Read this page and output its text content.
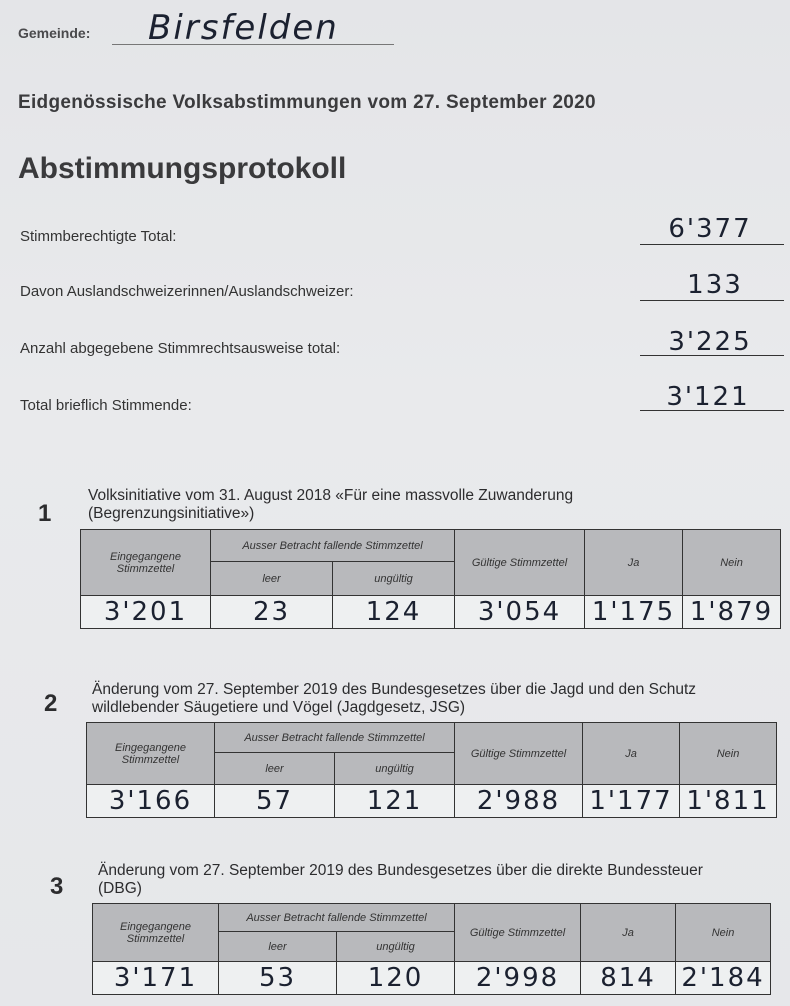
Gemeinde: Birsfelden
Eidgenössische Volksabstimmungen vom 27. September 2020
Abstimmungsprotokoll
Stimmberechtigte Total:	6'377
Davon Auslandschweizerinnen/Auslandschweizer:	133
Anzahl abgegebene Stimmrechtsausweise total:	3'225
Total brieflich Stimmende:	3'121
1
Volksinitiative vom 31. August 2018 «Für eine massvolle Zuwanderung
(Begrenzungsinitiative»)
Eingegangene Stimmzettel	Ausser Betracht fallende Stimmzettel		Gültige Stimmzettel	Ja	Nein
	leer	ungültig			
3'201	23	124	3'054	1'175	1'879
2
Änderung vom 27. September 2019 des Bundesgesetzes über die Jagd und den Schutz
wildlebender Säugetiere und Vögel (Jagdgesetz, JSG)
Eingegangene Stimmzettel	Ausser Betracht fallende Stimmzettel		Gültige Stimmzettel	Ja	Nein
	leer	ungültig			
3'166	57	121	2'988	1'177	1'811
3
Änderung vom 27. September 2019 des Bundesgesetzes über die direkte Bundessteuer
(DBG)
Eingegangene Stimmzettel	Ausser Betracht fallende Stimmzettel		Gültige Stimmzettel	Ja	Nein
	leer	ungültig			
3'171	53	120	2'998	814	2'184
